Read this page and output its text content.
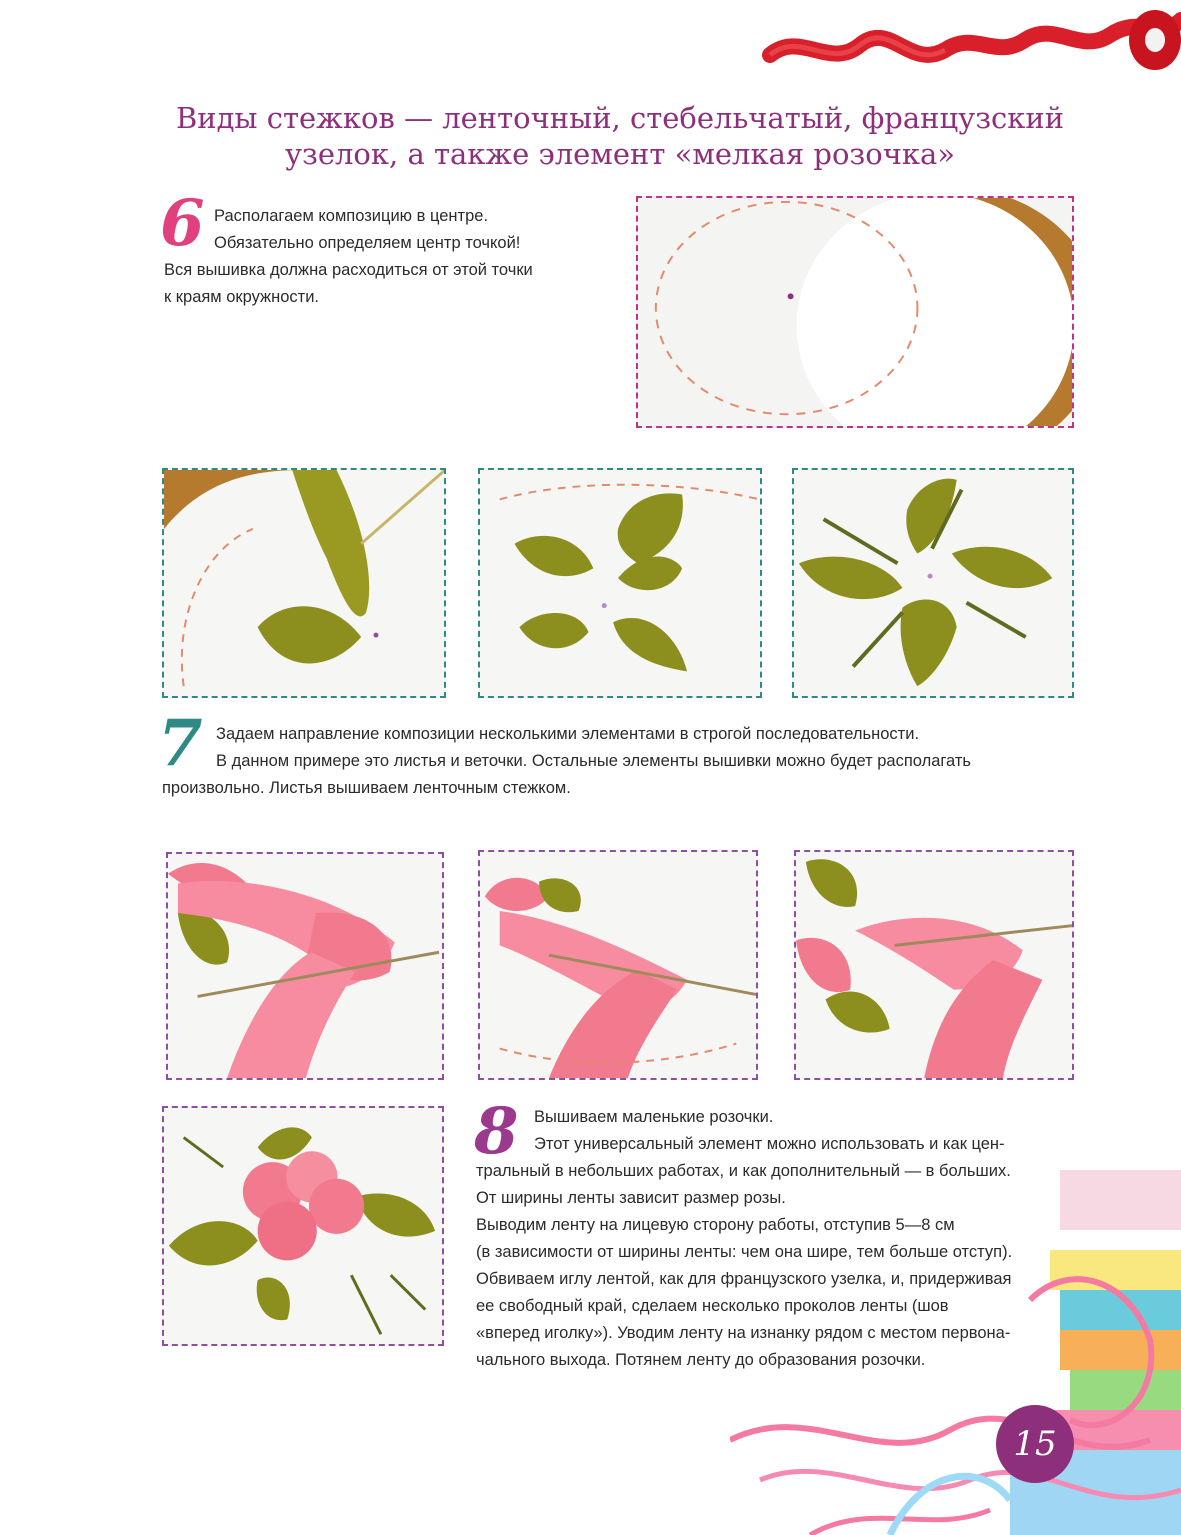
Виды стежков — ленточный, стебельчатый, французский
узелок, а также элемент «мелкая розочка»
6 Располагаем композицию в центре.

Обязательно определяем центр точкой!

Вся вышивка должна расходиться от этой точки

к краям окружности.

7 Задаем направление композиции несколькими элементами в строгой последовательности.

В данном примере это листья и веточки. Остальные элементы вышивки можно будет располагать

произвольно. Листья вышиваем ленточным стежком.

8 Вышиваем маленькие розочки.

Этот универсальный элемент можно использовать и как цен-

тральный в небольших работах, и как дополнительный — в больших.

От ширины ленты зависит размер розы.

Выводим ленту на лицевую сторону работы, отступив 5—8 см

(в зависимости от ширины ленты: чем она шире, тем больше отступ).

Обвиваем иглу лентой, как для французского узелка, и, придерживая

ее свободный край, сделаем несколько проколов ленты (шов

«вперед иголку»). Уводим ленту на изнанку рядом с местом первона-

чального выхода. Потянем ленту до образования розочки.

15
